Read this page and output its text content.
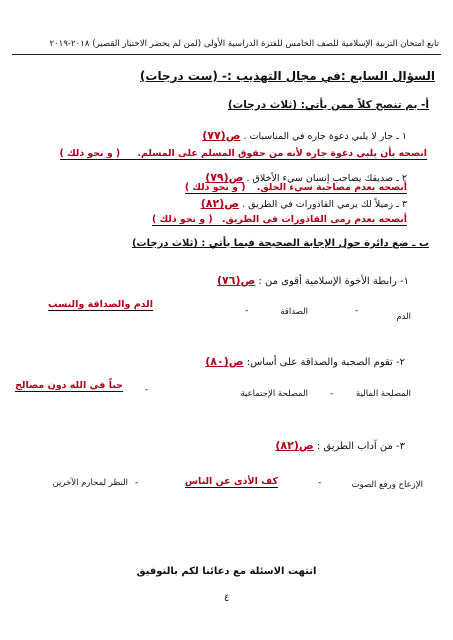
تابع امتحان التربية الإسلامية للصف الخامس للفترة الدراسية الأولى (لمن لم يحضر الاختبار القصير) ٢٠١٨-٢٠١٩
السؤال السابع :في مجال التهذيب :- (ست درجات)
أ- بم تنصح كلاً ممن يأتي: (ثلاث درجات)
١ ـ جار لا يلبي دعوة جاره في المناسبات . ص(٧٧)
انصحه بأن يلبي دعوة جاره لأنه من حقوق المسلم على المسلم. ( و نحو ذلك )
٢ ـ صديقك يصاحب إنسان سيء الأخلاق . ص(٧٩)
أنصحه بعدم مصاحبة سيء الخلق. ( و نحو ذلك )
٣ ـ زميلاً لك يرمي القاذورات في الطريق . ص(٨٢)
أنصحه بعدم رمى القاذورات في الطريق. ( و نحو ذلك )
ب ـ ضع دائرة حول الإجابة الصحيحة فيما يأتي : (ثلاث درجات)
١- رابطة الأخوة الإسلامية أقوى من : ص(٧٦)
الدم
-
الصداقة
-
الدم والصداقة والنسب
٢- تقوم الصحبة والصداقة على أساس: ص(٨٠)
المصلحة المالية
-
المصلحة الإجتماعية
-
حباً في الله دون مصالح
٣- من آداب الطريق : ص(٨٢)
الإزعاج ورفع الصوت
-
كف الأذى عن الناس
-
النظر لمحارم الآخرين
انتهت الاسئلة مع دعائنا لكم بالتوفيق
٤
